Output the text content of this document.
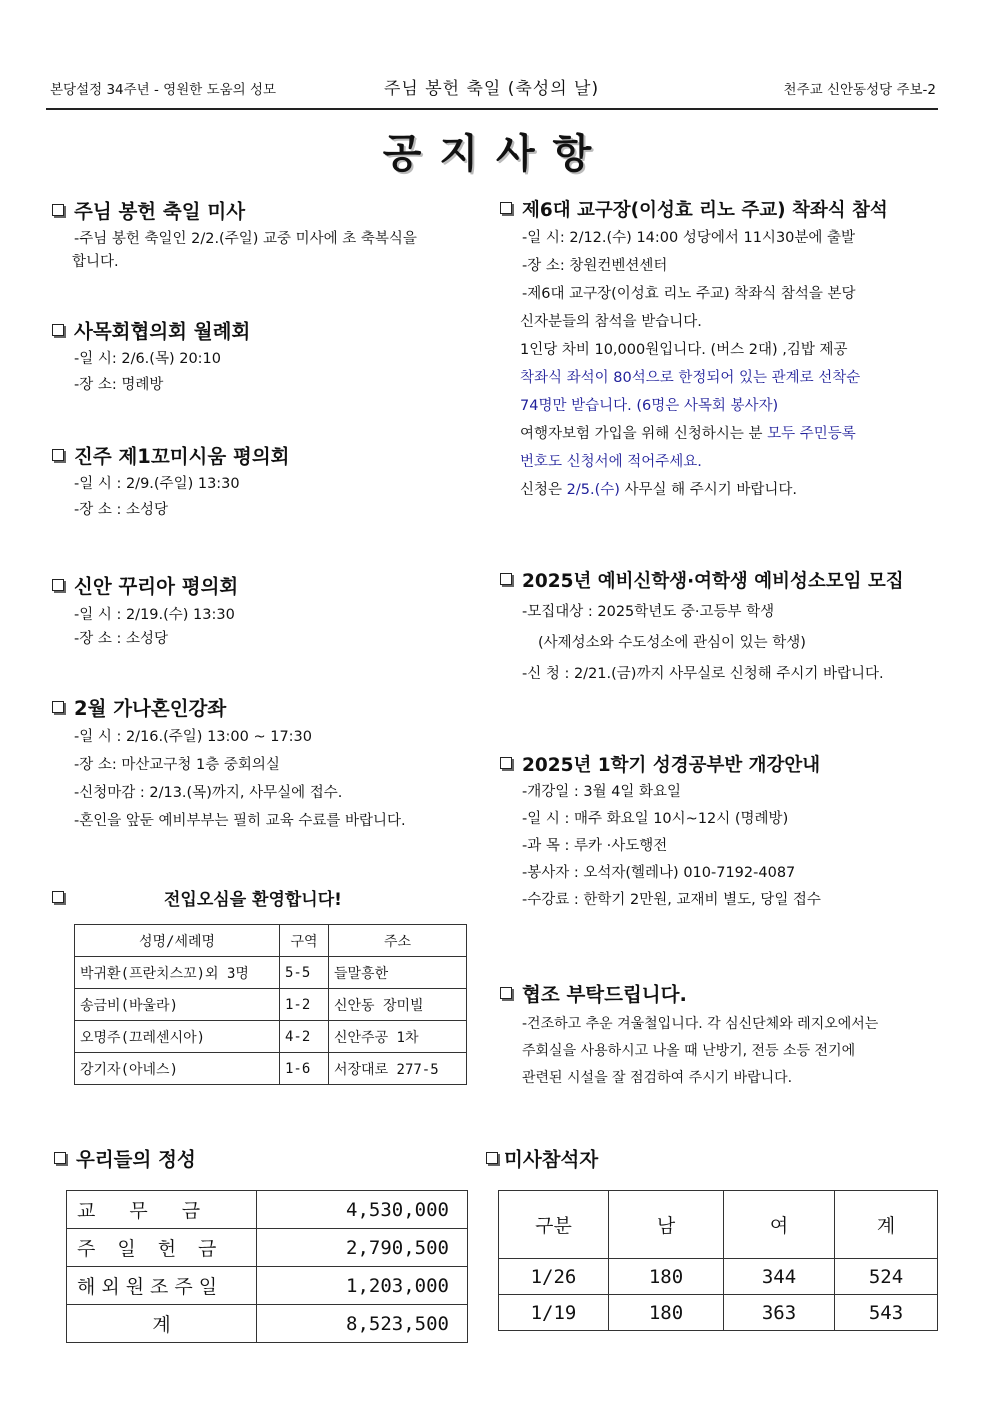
본당설정 34주년 - 영원한 도움의 성모	주님 봉헌 축일 (축성의 날)	천주교 신안동성당 주보-2
공지사항
주님 봉헌 축일 미사
-주님 봉헌 축일인 2/2.(주일) 교중 미사에 초 축복식을
합니다.
사목회협의회 월례회
-일 시: 2/6.(목) 20:10
-장 소: 명례방
진주 제1꼬미시움 평의회
-일 시 : 2/9.(주일) 13:30
-장 소 : 소성당
신안 꾸리아 평의회
-일 시 : 2/19.(수) 13:30
-장 소 : 소성당
2월 가나혼인강좌
-일 시 : 2/16.(주일) 13:00 ~ 17:30
-장 소: 마산교구청 1층 중회의실
-신청마감 : 2/13.(목)까지, 사무실에 접수.
-혼인을 앞둔 예비부부는 필히 교육 수료를 바랍니다.
전입오심을 환영합니다!
성명/세례명	구역	주소
박귀환(프란치스꼬)외 3명	5-5	들말흥한
송금비(바울라)	1-2	신안동 장미빌
오명주(끄레센시아)	4-2	신안주공 1차
강기자(아네스)	1-6	서장대로 277-5
제6대 교구장(이성효 리노 주교) 착좌식 참석
-일 시: 2/12.(수) 14:00 성당에서 11시30분에 출발
-장 소: 창원컨벤션센터
-제6대 교구장(이성효 리노 주교) 착좌식 참석을 본당
신자분들의 참석을 받습니다.
1인당 차비 10,000원입니다. (버스 2대) ,김밥 제공
착좌식 좌석이 80석으로 한정되어 있는 관계로 선착순
74명만 받습니다. (6명은 사목회 봉사자)
여행자보험 가입을 위해 신청하시는 분 모두 주민등록
번호도 신청서에 적어주세요.
신청은 2/5.(수) 사무실 해 주시기 바랍니다.
2025년 예비신학생·여학생 예비성소모임 모집
-모집대상 : 2025학년도 중·고등부 학생
(사제성소와 수도성소에 관심이 있는 학생)
-신 청 : 2/21.(금)까지 사무실로 신청해 주시기 바랍니다.
2025년 1학기 성경공부반 개강안내
-개강일 : 3월 4일 화요일
-일 시 : 매주 화요일 10시~12시 (명례방)
-과 목 : 루카 ·사도행전
-봉사자 : 오석자(헬레나) 010-7192-4087
-수강료 : 한학기 2만원, 교재비 별도, 당일 접수
협조 부탁드립니다.
-건조하고 추운 겨울철입니다. 각 심신단체와 레지오에서는
주회실을 사용하시고 나올 때 난방기, 전등 소등 전기에
관련된 시설을 잘 점검하여 주시기 바랍니다.
우리들의 정성
교무금	4,530,000
주일헌금	2,790,500
해외원조주일	1,203,000
계	8,523,500
미사참석자
구분	남	여	계
1/26	180	344	524
1/19	180	363	543
